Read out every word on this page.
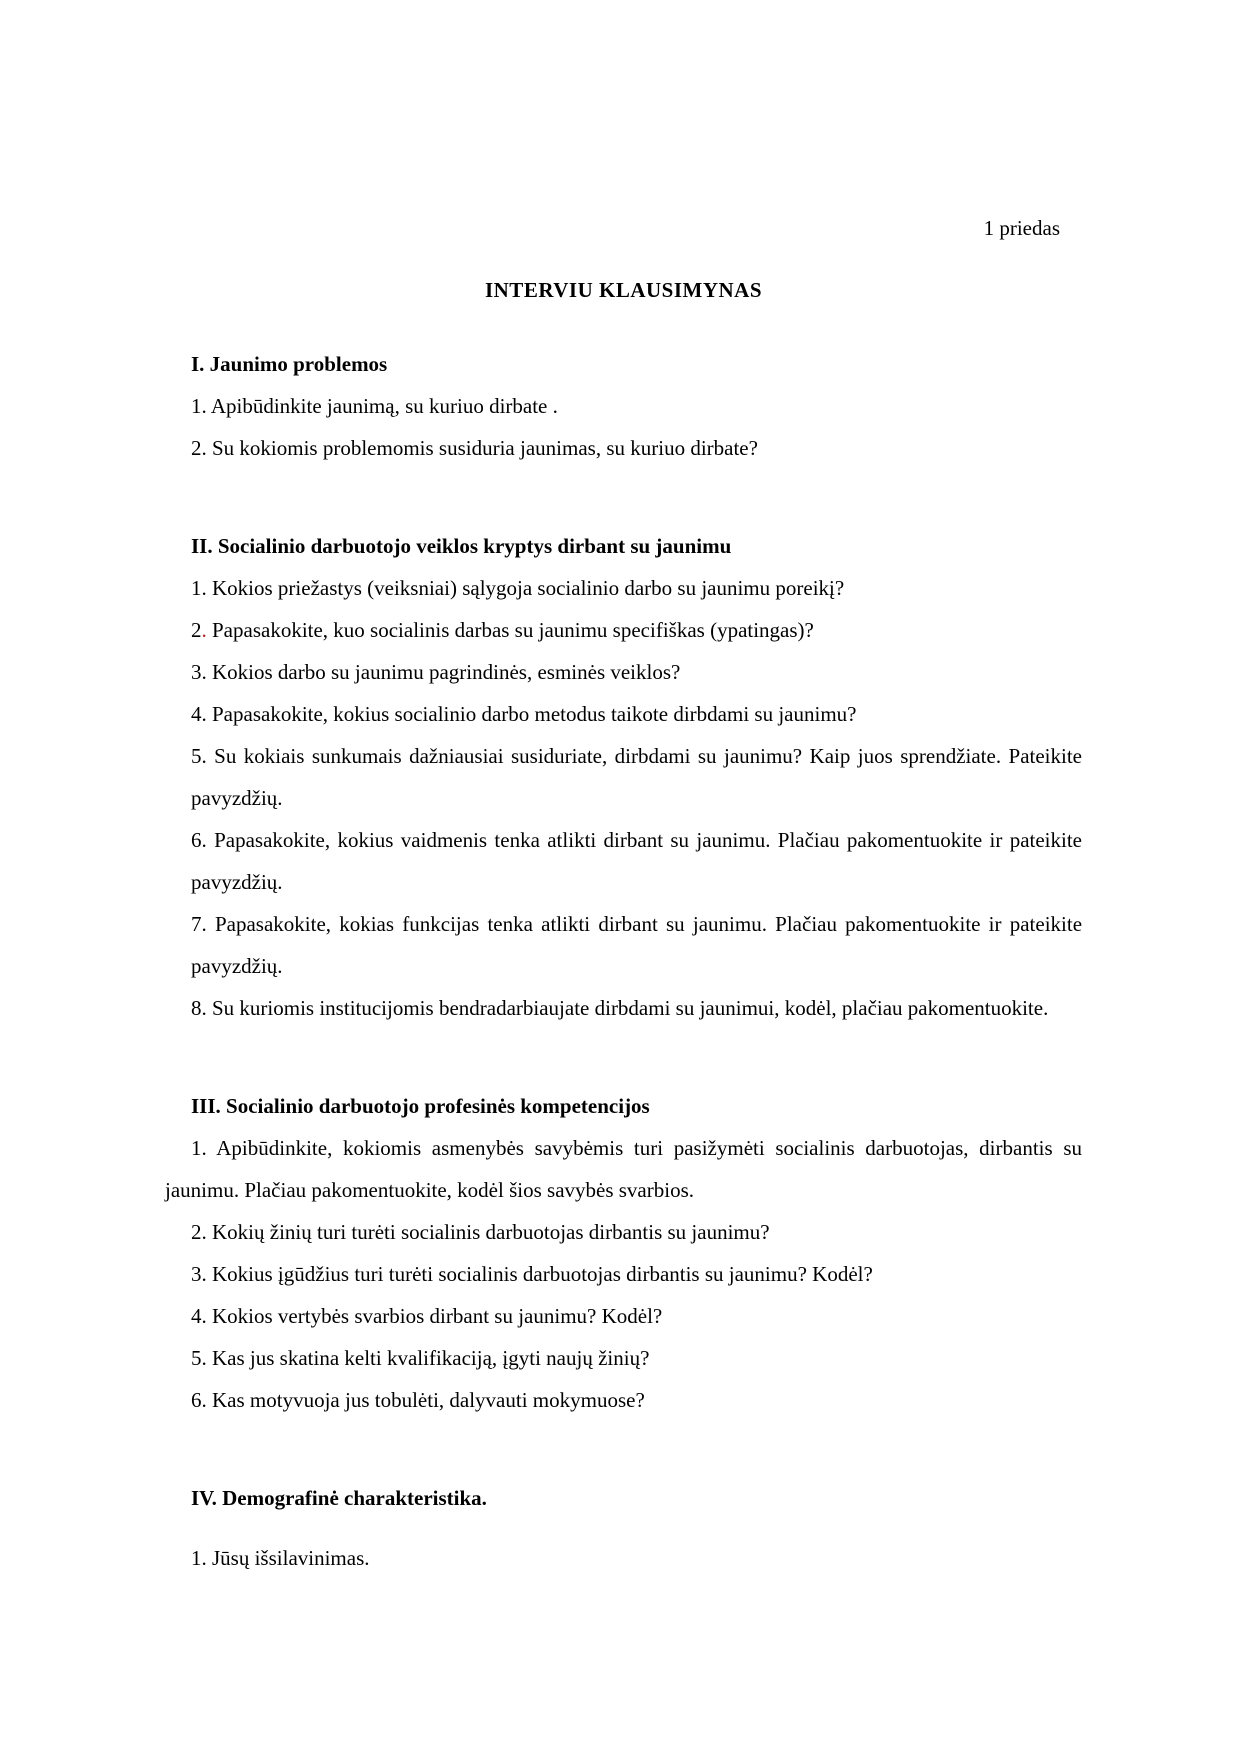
1 priedas

INTERVIU KLAUSIMYNAS
I. Jaunimo problemos

1. Apibūdinkite jaunimą, su kuriuo dirbate .

2. Su kokiomis problemomis susiduria jaunimas, su kuriuo dirbate?

II. Socialinio darbuotojo veiklos kryptys dirbant su jaunimu

1. Kokios priežastys (veiksniai) sąlygoja socialinio darbo su jaunimu poreikį?

2. Papasakokite, kuo socialinis darbas su jaunimu specifiškas (ypatingas)?

3. Kokios darbo su jaunimu pagrindinės, esminės veiklos?

4. Papasakokite, kokius socialinio darbo metodus taikote dirbdami su jaunimu?

5. Su kokiais sunkumais dažniausiai susiduriate, dirbdami su jaunimu? Kaip juos sprendžiate. Pateikite pavyzdžių.

6. Papasakokite, kokius vaidmenis tenka atlikti dirbant su jaunimu. Plačiau pakomentuokite ir pateikite pavyzdžių.

7. Papasakokite, kokias funkcijas tenka atlikti dirbant su jaunimu. Plačiau pakomentuokite ir pateikite pavyzdžių.

8. Su kuriomis institucijomis bendradarbiaujate dirbdami su jaunimui, kodėl, plačiau pakomentuokite.

III. Socialinio darbuotojo profesinės kompetencijos

1. Apibūdinkite, kokiomis asmenybės savybėmis turi pasižymėti socialinis darbuotojas, dirbantis su jaunimu. Plačiau pakomentuokite, kodėl šios savybės svarbios.

2. Kokių žinių turi turėti socialinis darbuotojas dirbantis su jaunimu?

3. Kokius įgūdžius turi turėti socialinis darbuotojas dirbantis su jaunimu? Kodėl?

4. Kokios vertybės svarbios dirbant su jaunimu? Kodėl?

5. Kas jus skatina kelti kvalifikaciją, įgyti naujų žinių?

6. Kas motyvuoja jus tobulėti, dalyvauti mokymuose?

IV. Demografinė charakteristika.

1. Jūsų išsilavinimas.
